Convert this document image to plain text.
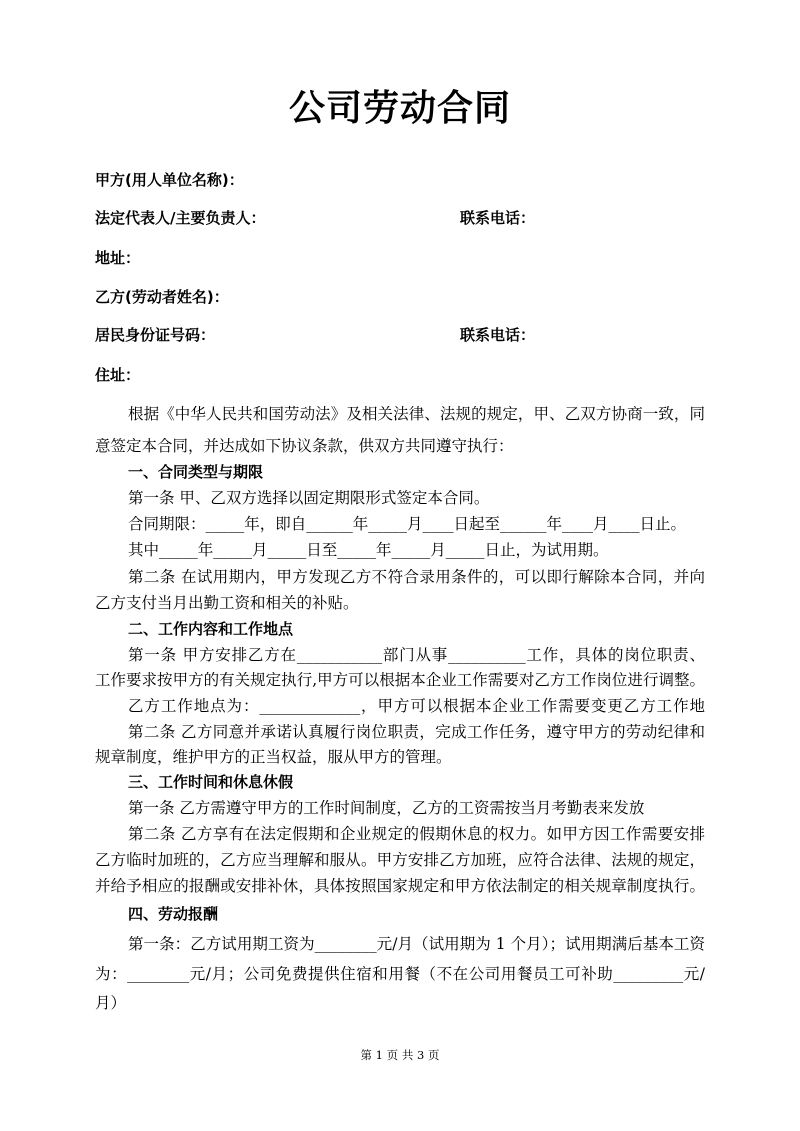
公司劳动合同
甲方(用人单位名称)：
法定代表人/主要负责人：	联系电话：
地址：
乙方(劳动者姓名)：
居民身份证号码：	联系电话：
住址：
根据《中华人民共和国劳动法》及相关法律、法规的规定，甲、乙双方协商一致，同
意签定本合同，并达成如下协议条款，供双方共同遵守执行：
一、合同类型与期限
第一条 甲、乙双方选择以固定期限形式签定本合同。
合同期限：_____年，即自______年_____月____日起至______年____月____日止。
其中_____年_____月_____日至_____年_____月_____日止，为试用期。
第二条 在试用期内，甲方发现乙方不符合录用条件的，可以即行解除本合同，并向
乙方支付当月出勤工资和相关的补贴。
二、工作内容和工作地点
第一条 甲方安排乙方在___________部门从事__________工作，具体的岗位职责、
工作要求按甲方的有关规定执行,甲方可以根据本企业工作需要对乙方工作岗位进行调整。
乙方工作地点为：_____________，甲方可以根据本企业工作需要变更乙方工作地
第二条 乙方同意并承诺认真履行岗位职责，完成工作任务，遵守甲方的劳动纪律和
规章制度，维护甲方的正当权益，服从甲方的管理。
三、工作时间和休息休假
第一条 乙方需遵守甲方的工作时间制度，乙方的工资需按当月考勤表来发放
第二条 乙方享有在法定假期和企业规定的假期休息的权力。如甲方因工作需要安排
乙方临时加班的，乙方应当理解和服从。甲方安排乙方加班，应符合法律、法规的规定，
并给予相应的报酬或安排补休，具体按照国家规定和甲方依法制定的相关规章制度执行。
四、劳动报酬
第一条：乙方试用期工资为________元/月（试用期为 1 个月）；试用期满后基本工资
为：________元/月；公司免费提供住宿和用餐（不在公司用餐员工可补助_________元/
月）
第 1 页 共 3 页
